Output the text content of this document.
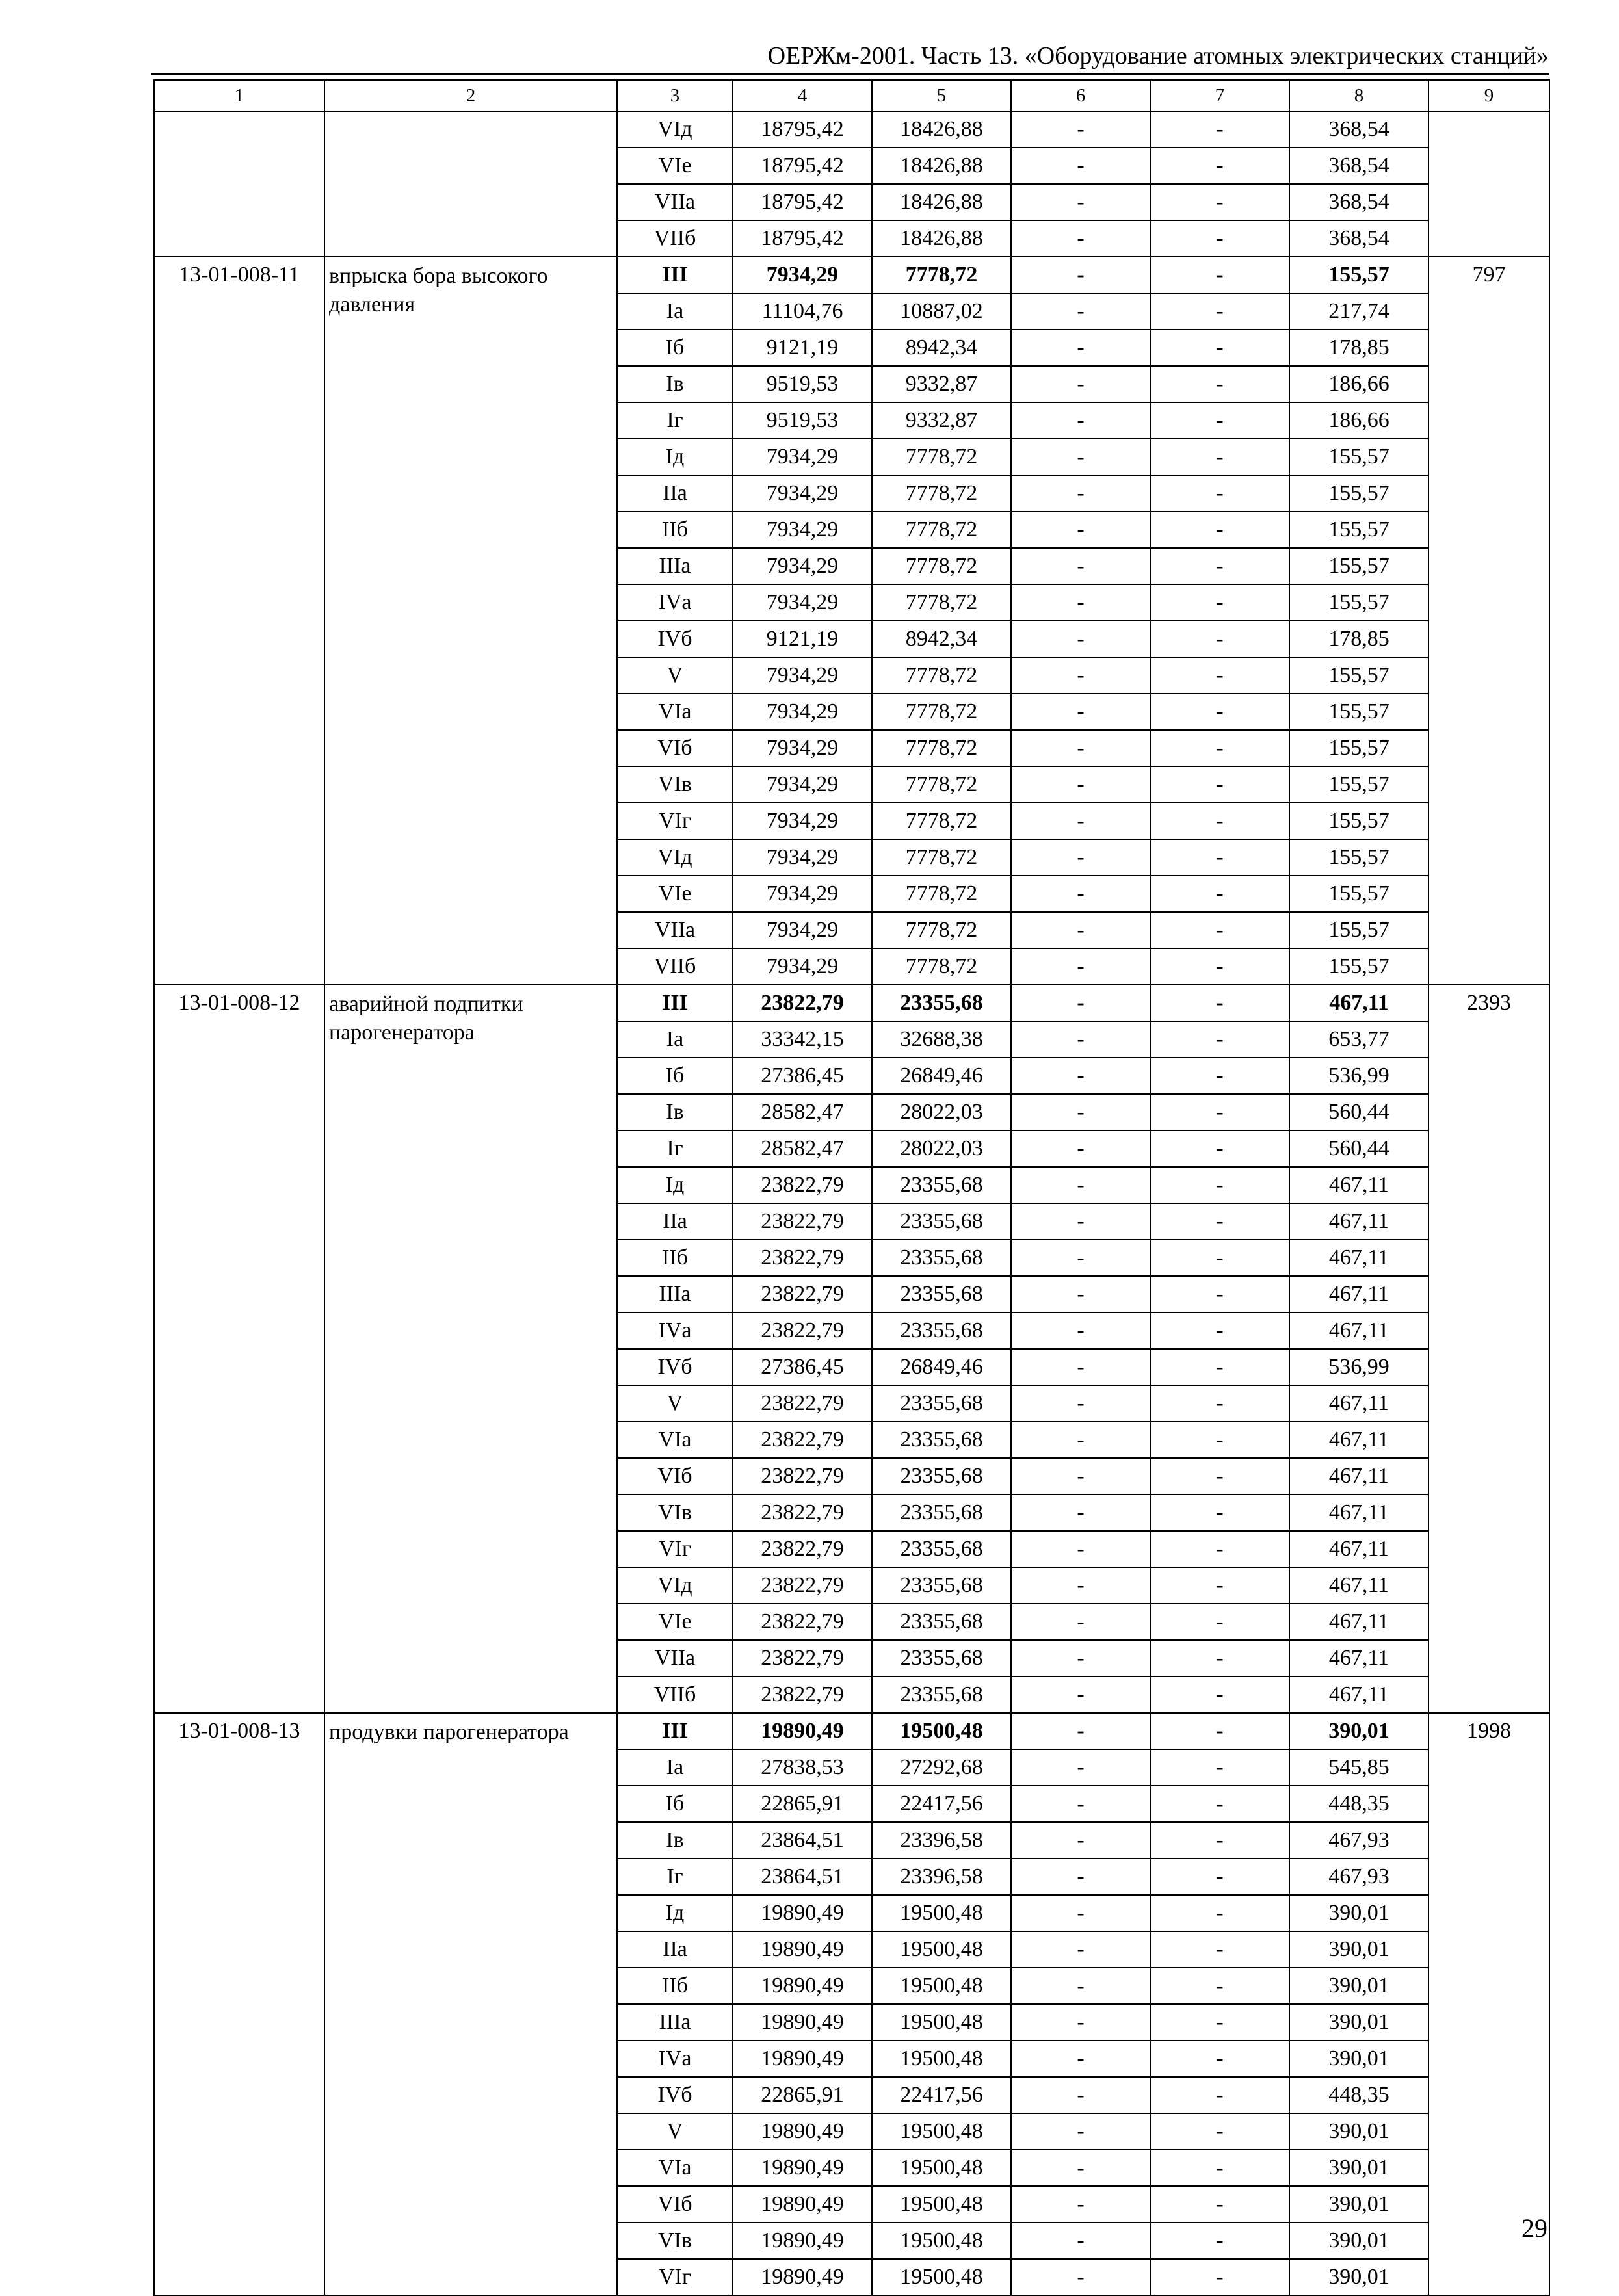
ОЕРЖм-2001. Часть 13. «Оборудование атомных электрических станций»
1	2	3	4	5	6	7	8	9
		VIд	18795,42	18426,88	-	-	368,54	
		VIе	18795,42	18426,88	-	-	368,54	
		VIIа	18795,42	18426,88	-	-	368,54	
		VIIб	18795,42	18426,88	-	-	368,54	
13-01-008-11	впрыска бора высокого давления	III	7934,29	7778,72	-	-	155,57	797
		Iа	11104,76	10887,02	-	-	217,74	
		Iб	9121,19	8942,34	-	-	178,85	
		Iв	9519,53	9332,87	-	-	186,66	
		Iг	9519,53	9332,87	-	-	186,66	
		Iд	7934,29	7778,72	-	-	155,57	
		IIа	7934,29	7778,72	-	-	155,57	
		IIб	7934,29	7778,72	-	-	155,57	
		IIIа	7934,29	7778,72	-	-	155,57	
		IVа	7934,29	7778,72	-	-	155,57	
		IVб	9121,19	8942,34	-	-	178,85	
		V	7934,29	7778,72	-	-	155,57	
		VIа	7934,29	7778,72	-	-	155,57	
		VIб	7934,29	7778,72	-	-	155,57	
		VIв	7934,29	7778,72	-	-	155,57	
		VIг	7934,29	7778,72	-	-	155,57	
		VIд	7934,29	7778,72	-	-	155,57	
		VIе	7934,29	7778,72	-	-	155,57	
		VIIа	7934,29	7778,72	-	-	155,57	
		VIIб	7934,29	7778,72	-	-	155,57	
13-01-008-12	аварийной подпитки парогенератора	III	23822,79	23355,68	-	-	467,11	2393
		Iа	33342,15	32688,38	-	-	653,77	
		Iб	27386,45	26849,46	-	-	536,99	
		Iв	28582,47	28022,03	-	-	560,44	
		Iг	28582,47	28022,03	-	-	560,44	
		Iд	23822,79	23355,68	-	-	467,11	
		IIа	23822,79	23355,68	-	-	467,11	
		IIб	23822,79	23355,68	-	-	467,11	
		IIIа	23822,79	23355,68	-	-	467,11	
		IVа	23822,79	23355,68	-	-	467,11	
		IVб	27386,45	26849,46	-	-	536,99	
		V	23822,79	23355,68	-	-	467,11	
		VIа	23822,79	23355,68	-	-	467,11	
		VIб	23822,79	23355,68	-	-	467,11	
		VIв	23822,79	23355,68	-	-	467,11	
		VIг	23822,79	23355,68	-	-	467,11	
		VIд	23822,79	23355,68	-	-	467,11	
		VIе	23822,79	23355,68	-	-	467,11	
		VIIа	23822,79	23355,68	-	-	467,11	
		VIIб	23822,79	23355,68	-	-	467,11	
13-01-008-13	продувки парогенератора	III	19890,49	19500,48	-	-	390,01	1998
		Iа	27838,53	27292,68	-	-	545,85	
		Iб	22865,91	22417,56	-	-	448,35	
		Iв	23864,51	23396,58	-	-	467,93	
		Iг	23864,51	23396,58	-	-	467,93	
		Iд	19890,49	19500,48	-	-	390,01	
		IIа	19890,49	19500,48	-	-	390,01	
		IIб	19890,49	19500,48	-	-	390,01	
		IIIа	19890,49	19500,48	-	-	390,01	
		IVа	19890,49	19500,48	-	-	390,01	
		IVб	22865,91	22417,56	-	-	448,35	
		V	19890,49	19500,48	-	-	390,01	
		VIа	19890,49	19500,48	-	-	390,01	
		VIб	19890,49	19500,48	-	-	390,01	
		VIв	19890,49	19500,48	-	-	390,01	
		VIг	19890,49	19500,48	-	-	390,01	
29
